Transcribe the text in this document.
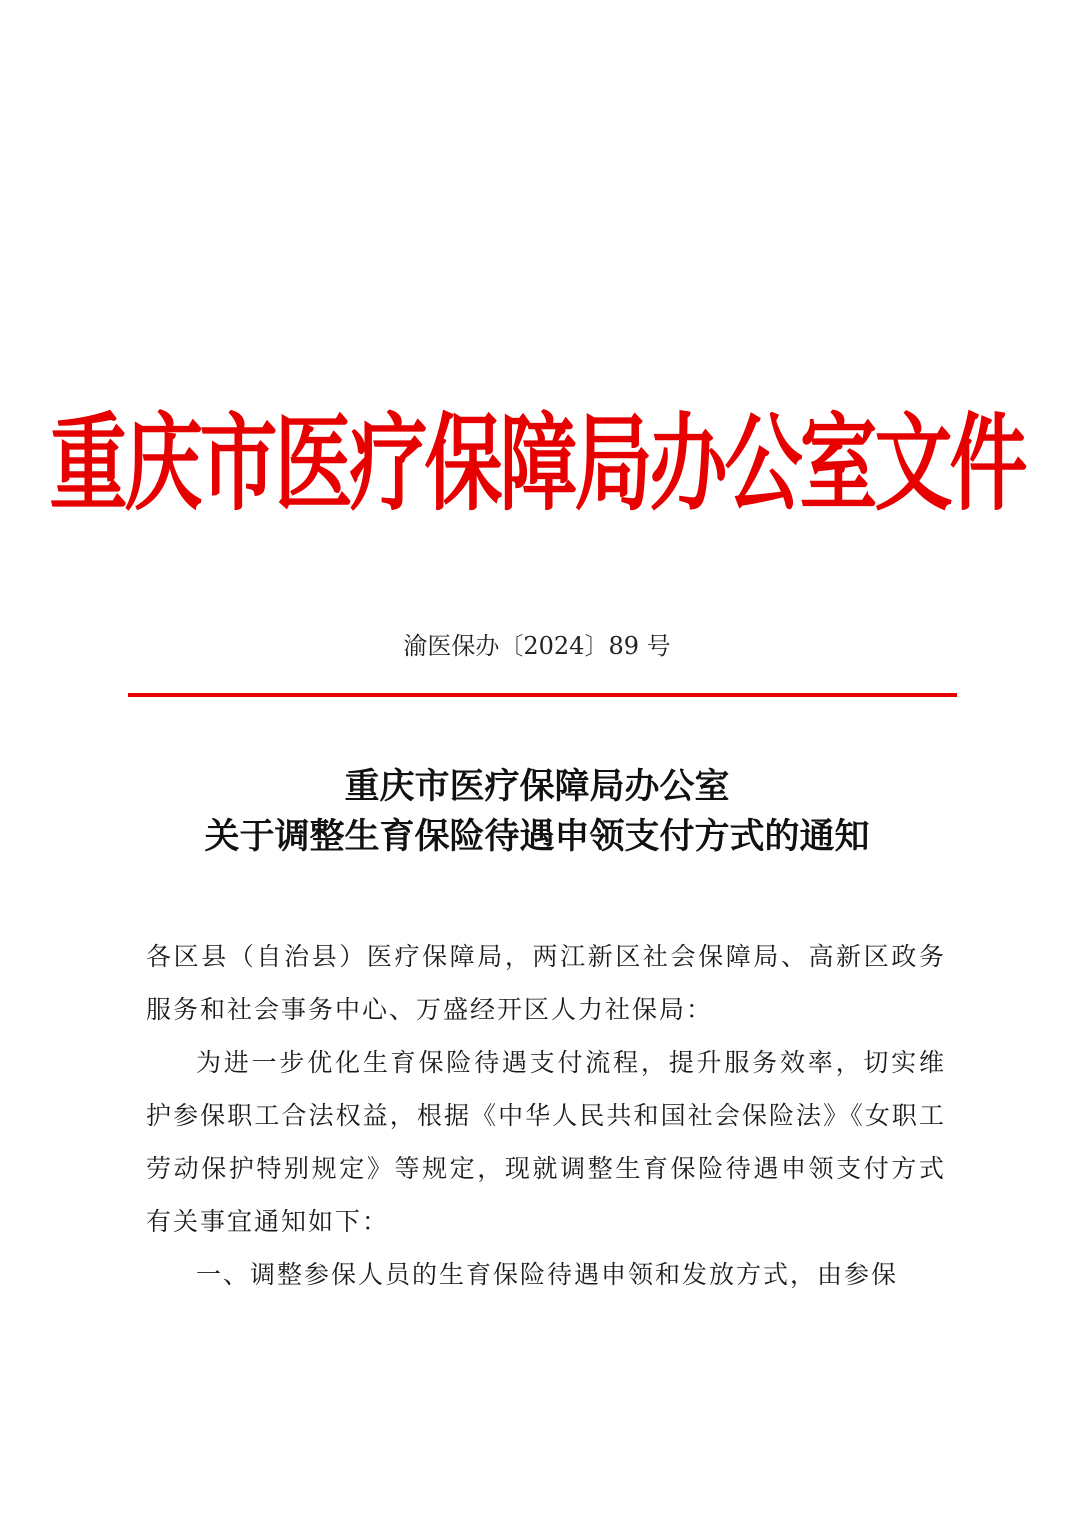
重庆市医疗保障局办公室文件
渝医保办〔2024〕89 号
重庆市医疗保障局办公室
关于调整生育保险待遇申领支付方式的通知

各区县（自治县）医疗保障局，两江新区社会保障局、高新区政务服务和社会事务中心、万盛经开区人力社保局：

为进一步优化生育保险待遇支付流程，提升服务效率，切实维护参保职工合法权益，根据《中华人民共和国社会保险法》《女职工劳动保护特别规定》等规定，现就调整生育保险待遇申领支付方式有关事宜通知如下：

一、调整参保人员的生育保险待遇申领和发放方式，由参保
